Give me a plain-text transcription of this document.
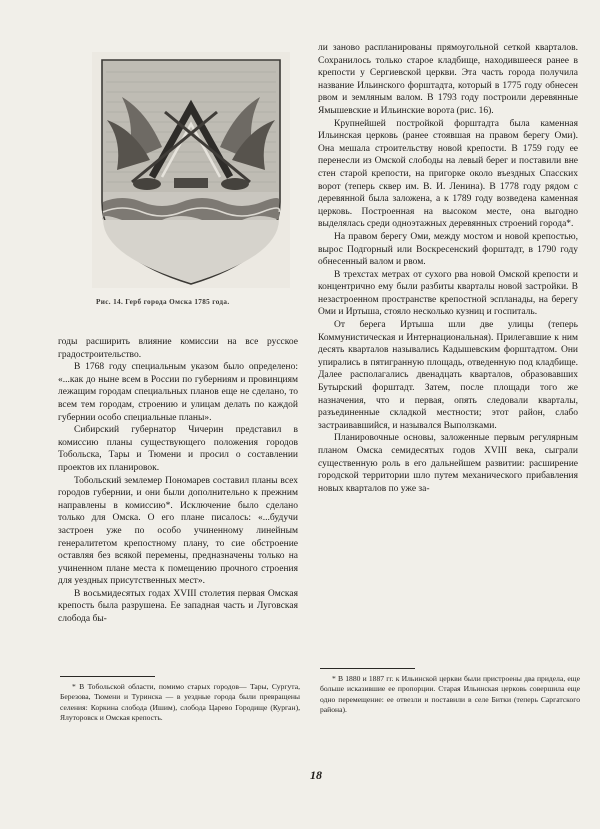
Рис. 14. Герб города Омска 1785 года.

годы расширить влияние комиссии на все русское градостроительство.

В 1768 году специальным указом было определено: «...как до ныне всем в России по губерниям и провинциям лежащим городам специальных планов еще не сделано, то всем тем городам, строению и улицам делать по каждой губернии особо специальные планы».

Сибирский губернатор Чичерин представил в комиссию планы существующего положения городов Тобольска, Тары и Тюмени и просил о составлении проектов их планировок.

Тобольский землемер Пономарев составил планы всех городов губернии, и они были дополнительно к прежним направлены в комиссию*. Исключение было сделано только для Омска. О его плане писалось: «...будучи застроен уже по особо учиненному линейным генералитетом крепостному плану, то сие обстроение оставляя без всякой перемены, предназначены только на учиненном плане места к помещению прочного строения для уездных присутственных мест».

В восьмидесятых годах XVIII столетия первая Омская крепость была разрушена. Ее западная часть и Луговская слобода бы-

ли заново распланированы прямоугольной сеткой кварталов. Сохранилось только старое кладбище, находившееся ранее в крепости у Сергиевской церкви. Эта часть города получила название Ильинского форштадта, который в 1775 году обнесен рвом и земляным валом. В 1793 году построили деревянные Ямышевские и Ильинские ворота (рис. 16).

Крупнейшей постройкой форштадта была каменная Ильинская церковь (ранее стоявшая на правом берегу Оми). Она мешала строительству новой крепости. В 1759 году ее перенесли из Омской слободы на левый берег и поставили вне стен старой крепости, на пригорке около въездных Спасских ворот (теперь сквер им. В. И. Ленина). В 1778 году рядом с деревянной была заложена, а к 1789 году возведена каменная церковь. Построенная на высоком месте, она выгодно выделялась среди одноэтажных деревянных строений города*.

На правом берегу Оми, между мостом и новой крепостью, вырос Подгорный или Воскресенский форштадт, в 1790 году обнесенный валом и рвом.

В трехстах метрах от сухого рва новой Омской крепости и концентрично ему были разбиты кварталы новой застройки. В незастроенном пространстве крепостной эспланады, на берегу Оми и Иртыша, стояло несколько кузниц и госпиталь.

От берега Иртыша шли две улицы (теперь Коммунистическая и Интернациональная). Прилегавшие к ним десять кварталов назывались Кадышевским форштадтом. Они упирались в пятигранную площадь, отведенную под кладбище. Далее располагались двенадцать кварталов, образовавших Бутырский форштадт. Затем, после площади того же назначения, что и первая, опять следовали кварталы, разъединенные складкой местности; этот район, слабо застраивавшийся, и назывался Выползками.

Планировочные основы, заложенные первым регулярным планом Омска семидесятых годов XVIII века, сыграли существенную роль в его дальнейшем развитии: расширение городской территории шло путем механического прибавления новых кварталов по уже за-

* В Тобольской области, помимо старых городов— Тары, Сургута, Березова, Тюмени и Туринска — в уездные города были превращены селения: Коркина слобода (Ишим), слобода Царево Городище (Курган), Ялуторовск и Омская крепость.

* В 1880 и 1887 гг. к Ильинской церкви были пристроены два придела, еще больше исказившие ее пропорции. Старая Ильинская церковь совершила еще одно перемещение: ее отвезли и поставили в селе Битки (теперь Саргатского района).

18
